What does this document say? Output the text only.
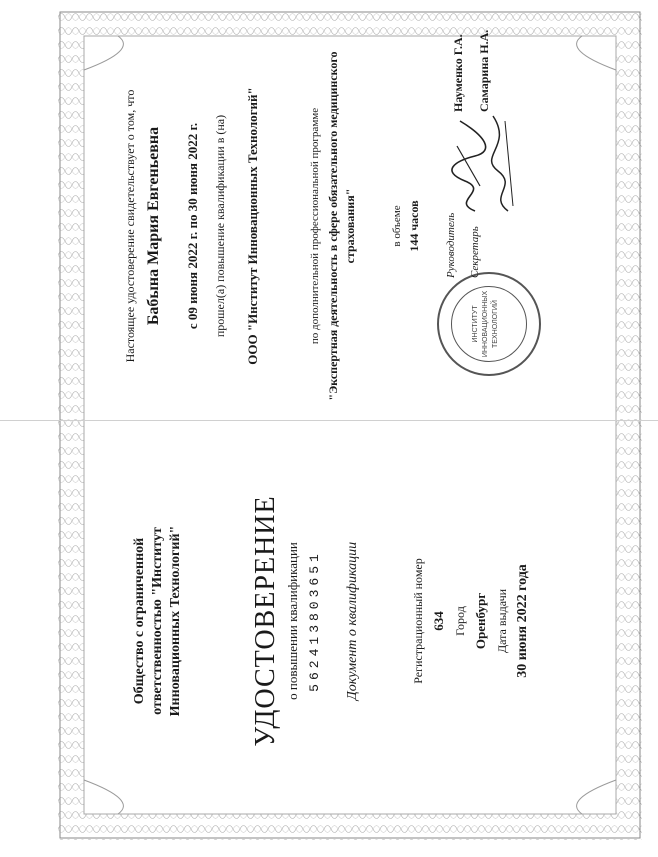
Общество с ограниченной ответственностью "Институт Инновационных Технологий" УДОСТОВЕРЕНИЕ о повышении квалификации 562413803651 Документ о квалификации	Регистрационный номер 634 Город Оренбург Дата выдачи 30 июня 2022 года
Настоящее удостоверение свидетельствует о том, что Бабына Мария Евгеньевна с 09 июня 2022 г. по 30 июня 2022 г. прошел(а) повышение квалификации в (на) ООО "Институт Инновационных Технологий"	по дополнительной профессиональной программе "Экспертная деятельность в сфере обязательного медицинского страхования"	в объеме 144 часов
ИНСТИТУТ ИННОВАЦИОННЫХ ТЕХНОЛОГИЙ
Руководитель Секретарь
Науменко Г.А. Самарина Н.А.
